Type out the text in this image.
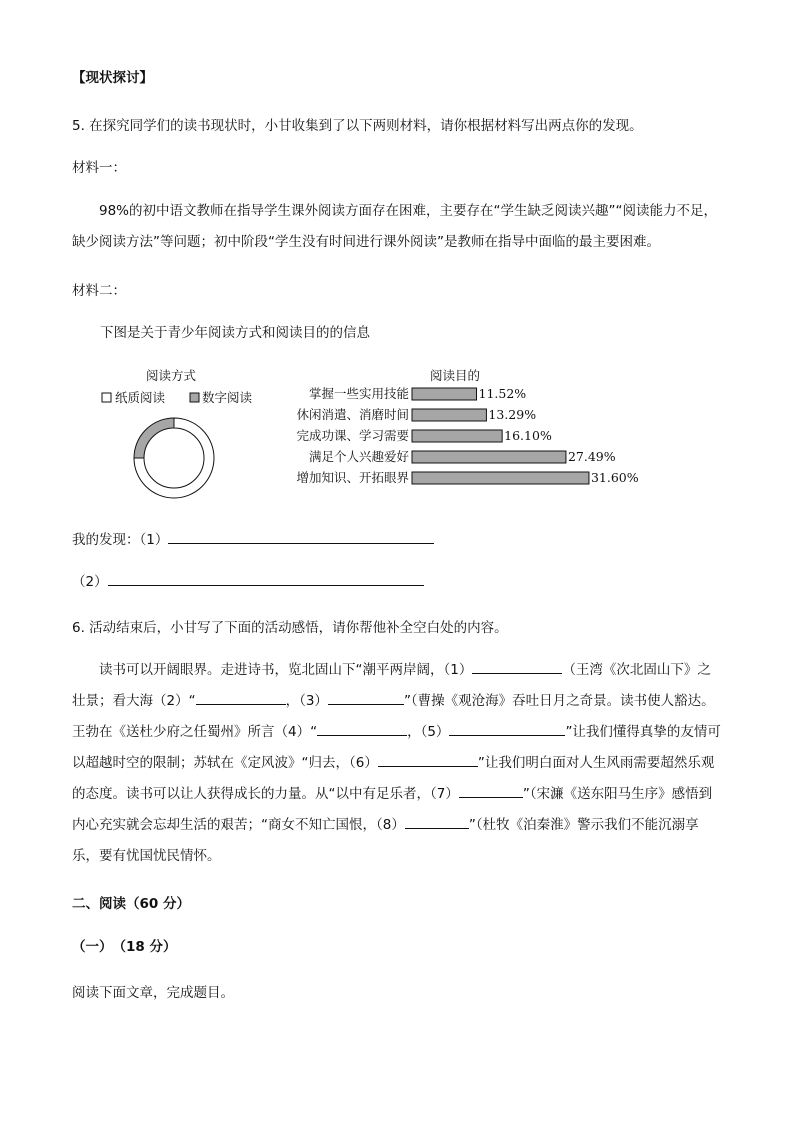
【现状探讨】
5. 在探究同学们的读书现状时，小甘收集到了以下两则材料，请你根据材料写出两点你的发现。
材料一：
98%的初中语文教师在指导学生课外阅读方面存在困难，主要存在“学生缺乏阅读兴趣”“阅读能力不足，缺少阅读方法”等问题；初中阶段“学生没有时间进行课外阅读”是教师在指导中面临的最主要困难。
材料二：
下图是关于青少年阅读方式和阅读目的的信息
阅读方式
纸质阅读	数字阅读
阅读目的
掌握一些实用技能	11.52%
休闲消遣、消磨时间	13.29%
完成功课、学习需要	16.10%
满足个人兴趣爱好	27.49%
增加知识、开拓眼界	31.60%
我的发现：（1）
（2）
6. 活动结束后，小甘写了下面的活动感悟，请你帮他补全空白处的内容。
读书可以开阔眼界。走进诗书，览北固山下“潮平两岸阔，（1）	（王湾《次北固山下》之壮景；看大海（2）“	，（3）	”（曹操《观沧海》吞吐日月之奇景。读书使人豁达。王勃在《送杜少府之任蜀州》所言（4）“	，（5）	”让我们懂得真挚的友情可以超越时空的限制；苏轼在《定风波》“归去，（6）	”让我们明白面对人生风雨需要超然乐观的态度。读书可以让人获得成长的力量。从“以中有足乐者，（7）	”（宋濂《送东阳马生序》感悟到内心充实就会忘却生活的艰苦；“商女不知亡国恨，（8）	”（杜牧《泊秦淮》警示我们不能沉溺享乐，要有忧国忧民情怀。
二、阅读（60 分）
（一）　（18 分）
阅读下面文章，完成题目。
